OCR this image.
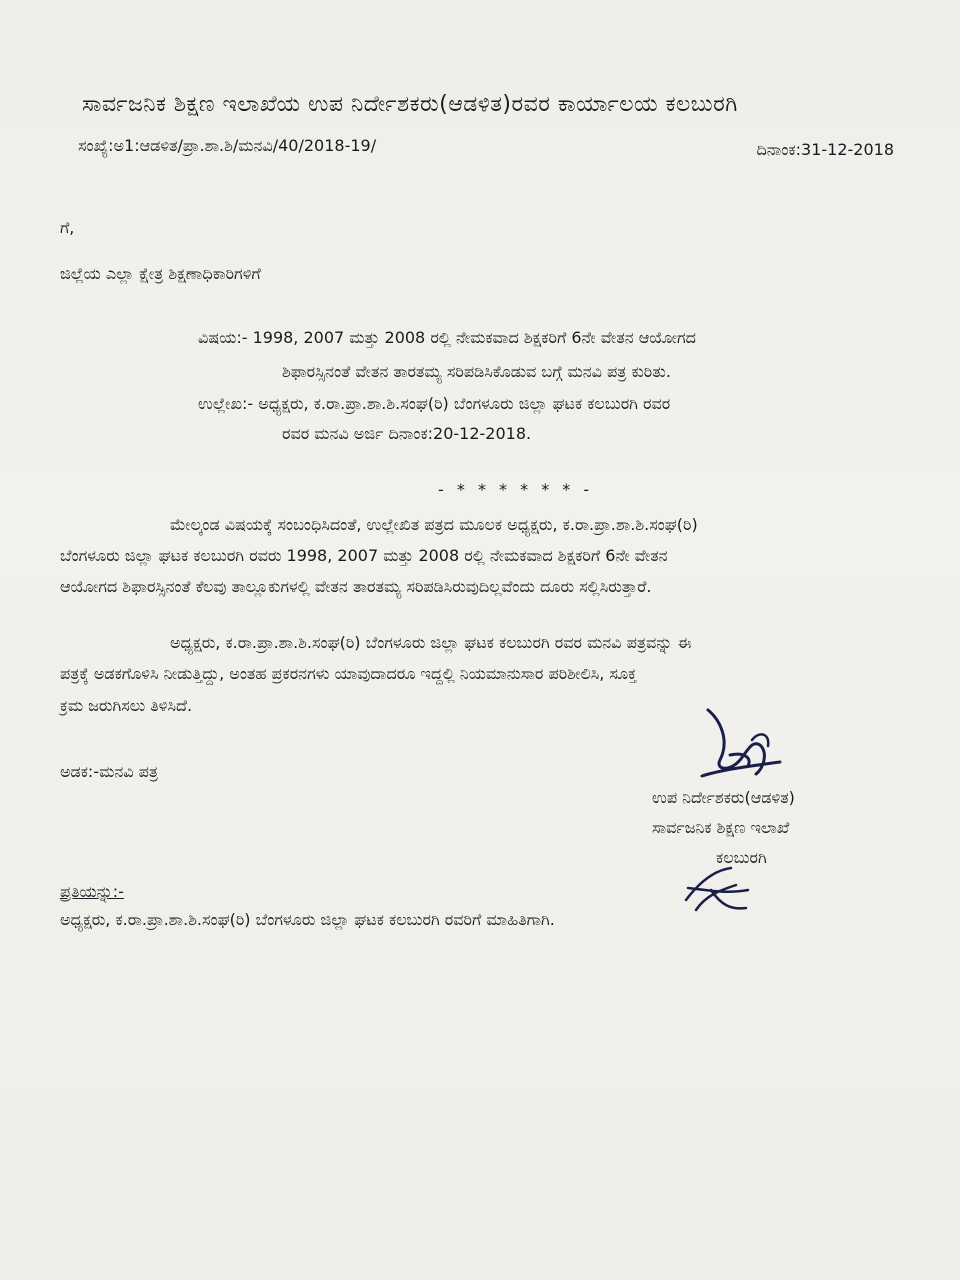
ಸಾರ್ವಜನಿಕ ಶಿಕ್ಷಣ ಇಲಾಖೆಯ ಉಪ ನಿರ್ದೇಶಕರು(ಆಡಳಿತ)ರವರ ಕಾರ್ಯಾಲಯ ಕಲಬುರಗಿ
ಸಂಖ್ಯೆ:ಅ1:ಆಡಳಿತ/ಪ್ರಾ.ಶಾ.ಶಿ/ಮನವಿ/40/2018-19/	ದಿನಾಂಕ:31-12-2018
ಗೆ,
ಜಿಲ್ಲೆಯ ಎಲ್ಲಾ ಕ್ಷೇತ್ರ ಶಿಕ್ಷಣಾಧಿಕಾರಿಗಳಿಗೆ
ವಿಷಯ:- 1998, 2007 ಮತ್ತು 2008 ರಲ್ಲಿ ನೇಮಕವಾದ ಶಿಕ್ಷಕರಿಗೆ 6ನೇ ವೇತನ ಆಯೋಗದ
ಶಿಫಾರಸ್ಸಿನಂತೆ ವೇತನ ತಾರತಮ್ಯ ಸರಿಪಡಿಸಿಕೊಡುವ ಬಗ್ಗೆ ಮನವಿ ಪತ್ರ ಕುರಿತು.
ಉಲ್ಲೇಖ:- ಅಧ್ಯಕ್ಷರು, ಕ.ರಾ.ಪ್ರಾ.ಶಾ.ಶಿ.ಸಂಘ(ರಿ) ಬೆಂಗಳೂರು ಜಿಲ್ಲಾ ಘಟಕ ಕಲಬುರಗಿ ರವರ
ರವರ ಮನವಿ ಅರ್ಜಿ ದಿನಾಂಕ:20-12-2018.
- * * * * * * -
ಮೇಲ್ಕಂಡ ವಿಷಯಕ್ಕೆ ಸಂಬಂಧಿಸಿದಂತೆ, ಉಲ್ಲೇಖಿತ ಪತ್ರದ ಮೂಲಕ ಅಧ್ಯಕ್ಷರು, ಕ.ರಾ.ಪ್ರಾ.ಶಾ.ಶಿ.ಸಂಘ(ರಿ)
ಬೆಂಗಳೂರು ಜಿಲ್ಲಾ ಘಟಕ ಕಲಬುರಗಿ ರವರು 1998, 2007 ಮತ್ತು 2008 ರಲ್ಲಿ ನೇಮಕವಾದ ಶಿಕ್ಷಕರಿಗೆ 6ನೇ ವೇತನ
ಆಯೋಗದ ಶಿಫಾರಸ್ಸಿನಂತೆ ಕೆಲವು ತಾಲ್ಲೂಕುಗಳಲ್ಲಿ ವೇತನ ತಾರತಮ್ಯ ಸರಿಪಡಿಸಿರುವುದಿಲ್ಲವೆಂದು ದೂರು ಸಲ್ಲಿಸಿರುತ್ತಾರೆ.
ಅಧ್ಯಕ್ಷರು, ಕ.ರಾ.ಪ್ರಾ.ಶಾ.ಶಿ.ಸಂಘ(ರಿ) ಬೆಂಗಳೂರು ಜಿಲ್ಲಾ ಘಟಕ ಕಲಬುರಗಿ ರವರ ಮನವಿ ಪತ್ರವನ್ನು ಈ
ಪತ್ರಕ್ಕೆ ಅಡಕಗೊಳಿಸಿ ನೀಡುತ್ತಿದ್ದು, ಅಂತಹ ಪ್ರಕರನಗಳು ಯಾವುದಾದರೂ ಇದ್ದಲ್ಲಿ ನಿಯಮಾನುಸಾರ ಪರಿಶೀಲಿಸಿ, ಸೂಕ್ತ
ಕ್ರಮ ಜರುಗಿಸಲು ತಿಳಿಸಿದೆ.
ಅಡಕ:-ಮನವಿ ಪತ್ರ
ಉಪ ನಿರ್ದೇಶಕರು(ಆಡಳಿತ)
ಸಾರ್ವಜನಿಕ ಶಿಕ್ಷಣ ಇಲಾಖೆ
ಕಲಬುರಗಿ
ಪ್ರತಿಯನ್ನು:-
ಅಧ್ಯಕ್ಷರು, ಕ.ರಾ.ಪ್ರಾ.ಶಾ.ಶಿ.ಸಂಘ(ರಿ) ಬೆಂಗಳೂರು ಜಿಲ್ಲಾ ಘಟಕ ಕಲಬುರಗಿ ರವರಿಗೆ ಮಾಹಿತಿಗಾಗಿ.
